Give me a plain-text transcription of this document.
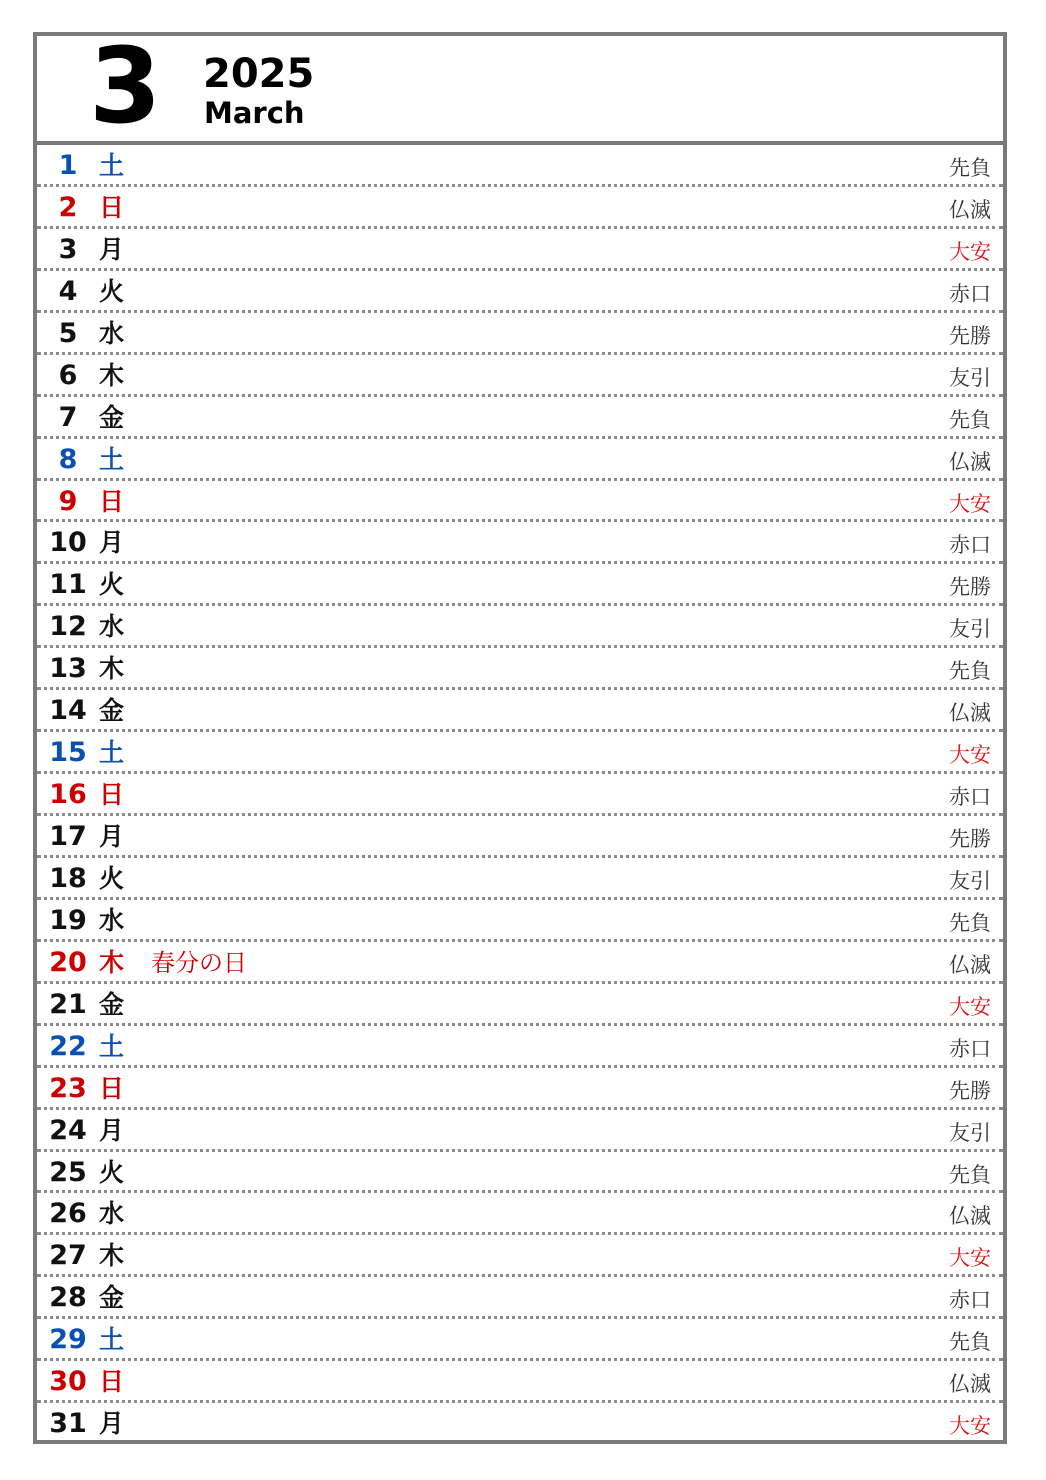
3 2025
March
1 土	先負
2 日	仏滅
3 月	大安
4 火	赤口
5 水	先勝
6 木	友引
7 金	先負
8 土	仏滅
9 日	大安
10 月	赤口
11 火	先勝
12 水	友引
13 木	先負
14 金	仏滅
15 土	大安
16 日	赤口
17 月	先勝
18 火	友引
19 水	先負
20 木 春分の日	仏滅
21 金	大安
22 土	赤口
23 日	先勝
24 月	友引
25 火	先負
26 水	仏滅
27 木	大安
28 金	赤口
29 土	先負
30 日	仏滅
31 月	大安
